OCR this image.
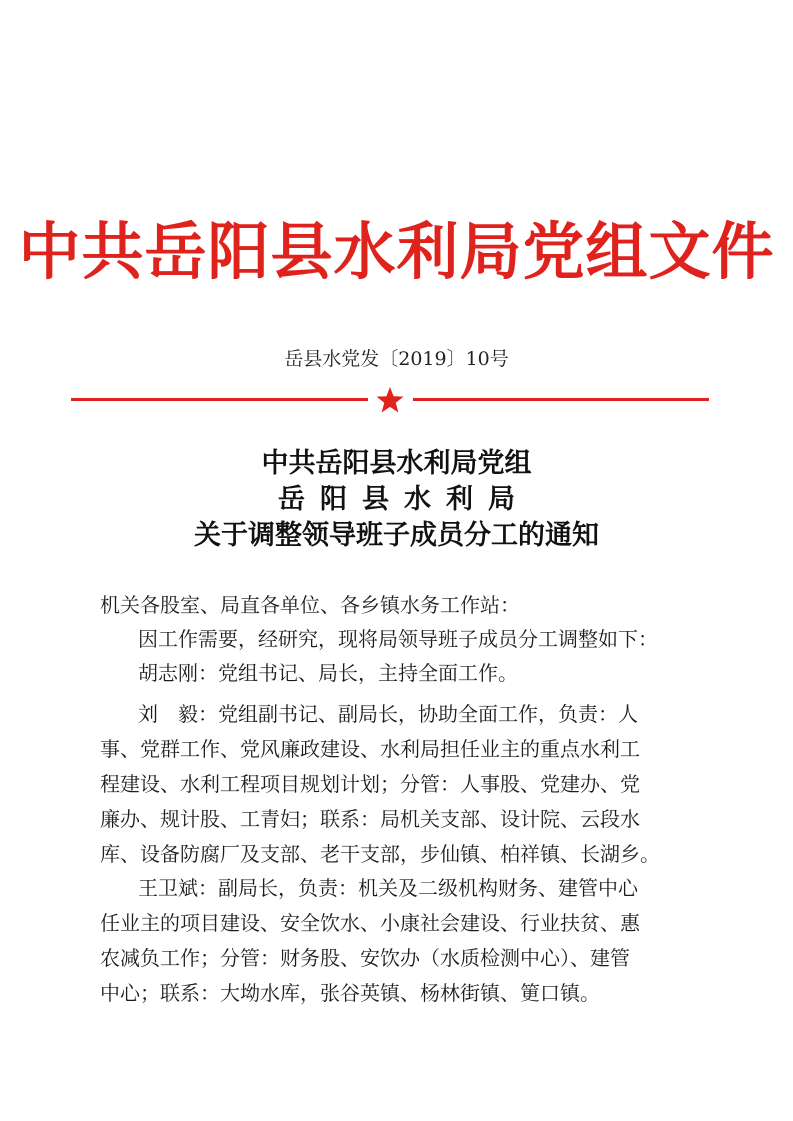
中共岳阳县水利局党组文件
岳县水党发〔2019〕10号
中共岳阳县水利局党组
岳阳县水利局
关于调整领导班子成员分工的通知
机关各股室、局直各单位、各乡镇水务工作站：
因工作需要，经研究，现将局领导班子成员分工调整如下：
胡志刚：党组书记、局长，主持全面工作。
刘　毅：党组副书记、副局长，协助全面工作，负责：人
事、党群工作、党风廉政建设、水利局担任业主的重点水利工
程建设、水利工程项目规划计划；分管：人事股、党建办、党
廉办、规计股、工青妇；联系：局机关支部、设计院、云段水
库、设备防腐厂及支部、老干支部，步仙镇、柏祥镇、长湖乡。
王卫斌：副局长，负责：机关及二级机构财务、建管中心
任业主的项目建设、安全饮水、小康社会建设、行业扶贫、惠
农减负工作；分管：财务股、安饮办（水质检测中心）、建管
中心；联系：大坳水库，张谷英镇、杨林街镇、筻口镇。
